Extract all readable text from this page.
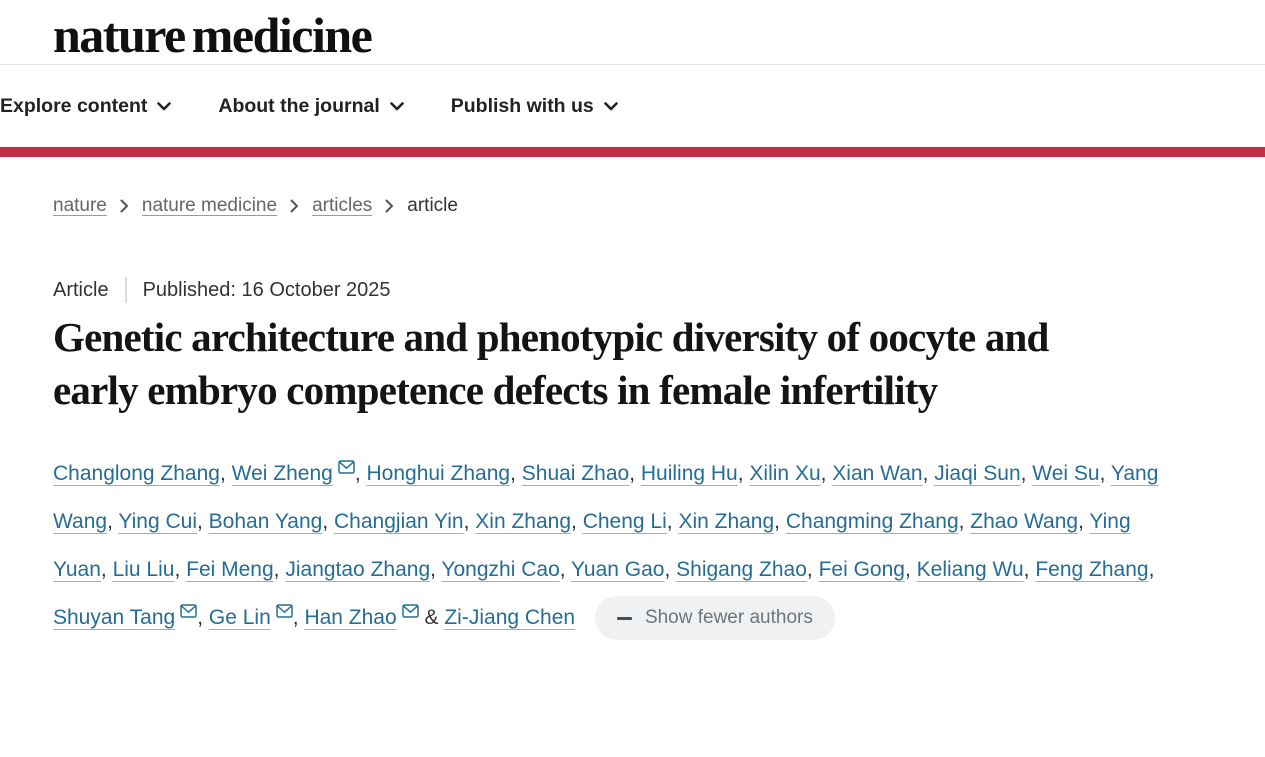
nature medicine
Explore content	About the journal	Publish with us
nature nature medicine articles article
Article Published: 16 October 2025
Genetic architecture and phenotypic diversity of oocyte and early embryo competence defects in female infertility

Changlong Zhang, Wei Zheng , Honghui Zhang, Shuai Zhao, Huiling Hu, Xilin Xu, Xian Wan, Jiaqi Sun, Wei Su, Yang Wang, Ying Cui, Bohan Yang, Changjian Yin, Xin Zhang, Cheng Li, Xin Zhang, Changming Zhang, Zhao Wang, Ying Yuan, Liu Liu, Fei Meng, Jiangtao Zhang, Yongzhi Cao, Yuan Gao, Shigang Zhao, Fei Gong, Keliang Wu, Feng Zhang, Shuyan Tang , Ge Lin , Han Zhao & Zi-Jiang Chen	Show fewer authors
